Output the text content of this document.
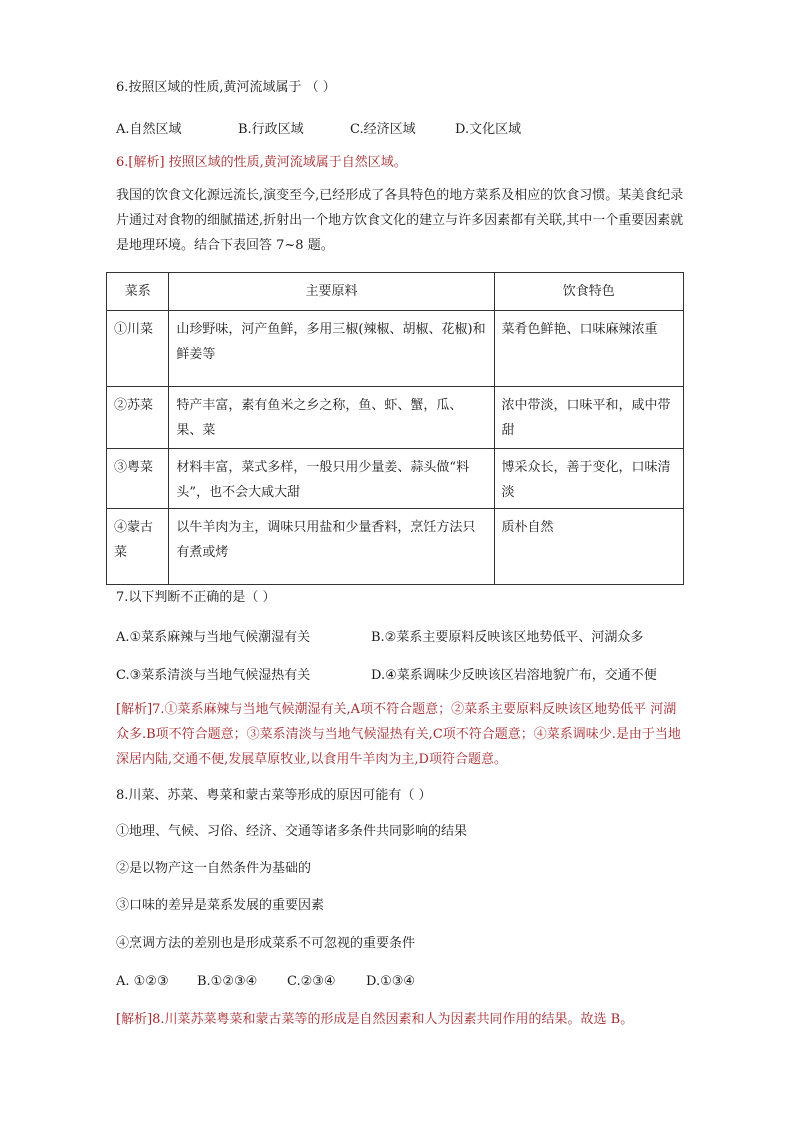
6.按照区域的性质,黄河流域属于 （ ）
A.自然区域	B.行政区域	C.经济区域	D.文化区域
6.[解析] 按照区域的性质,黄河流域属于自然区域。
我国的饮食文化源远流长,演变至今,已经形成了各具特色的地方菜系及相应的饮食习惯。某美食纪录片通过对食物的细腻描述,折射出一个地方饮食文化的建立与许多因素都有关联,其中一个重要因素就是地理环境。结合下表回答 7~8 题。
菜系	主要原料	饮食特色
①川菜	山珍野味，河产鱼鲜，多用三椒(辣椒、胡椒、花椒)和鲜姜等	菜肴色鲜艳、口味麻辣浓重
②苏菜	特产丰富，素有鱼米之乡之称，鱼、虾、蟹，瓜、果、菜	浓中带淡，口味平和，咸中带甜
③粤菜	材料丰富，菜式多样，一般只用少量姜、蒜头做“料头”，也不会大咸大甜	博采众长，善于变化，口味清淡
④蒙古菜	以牛羊肉为主，调味只用盐和少量香料，烹饪方法只有煮或烤	质朴自然
7.以下判断不正确的是（ ）
A.①菜系麻辣与当地气候潮湿有关	B.②菜系主要原料反映该区地势低平、河湖众多
C.③菜系清淡与当地气候湿热有关	D.④菜系调味少反映该区岩溶地貌广布，交通不便
[解析]7.①菜系麻辣与当地气候潮湿有关,A项不符合题意；②菜系主要原料反映该区地势低平 河湖众多.B项不符合题意；③菜系清淡与当地气候湿热有关,C项不符合题意；④菜系调味少.是由于当地深居内陆,交通不便,发展草原牧业,以食用牛羊肉为主,D项符合题意。
8.川菜、苏菜、粤菜和蒙古菜等形成的原因可能有（ ）
①地理、气候、习俗、经济、交通等诸多条件共同影响的结果
②是以物产这一自然条件为基础的
③口味的差异是菜系发展的重要因素
④烹调方法的差别也是形成菜系不可忽视的重要条件
A. ①②③ B.①②③④ C.②③④ D.①③④
[解析]8.川菜苏菜粤菜和蒙古菜等的形成是自然因素和人为因素共同作用的结果。故选 B。
